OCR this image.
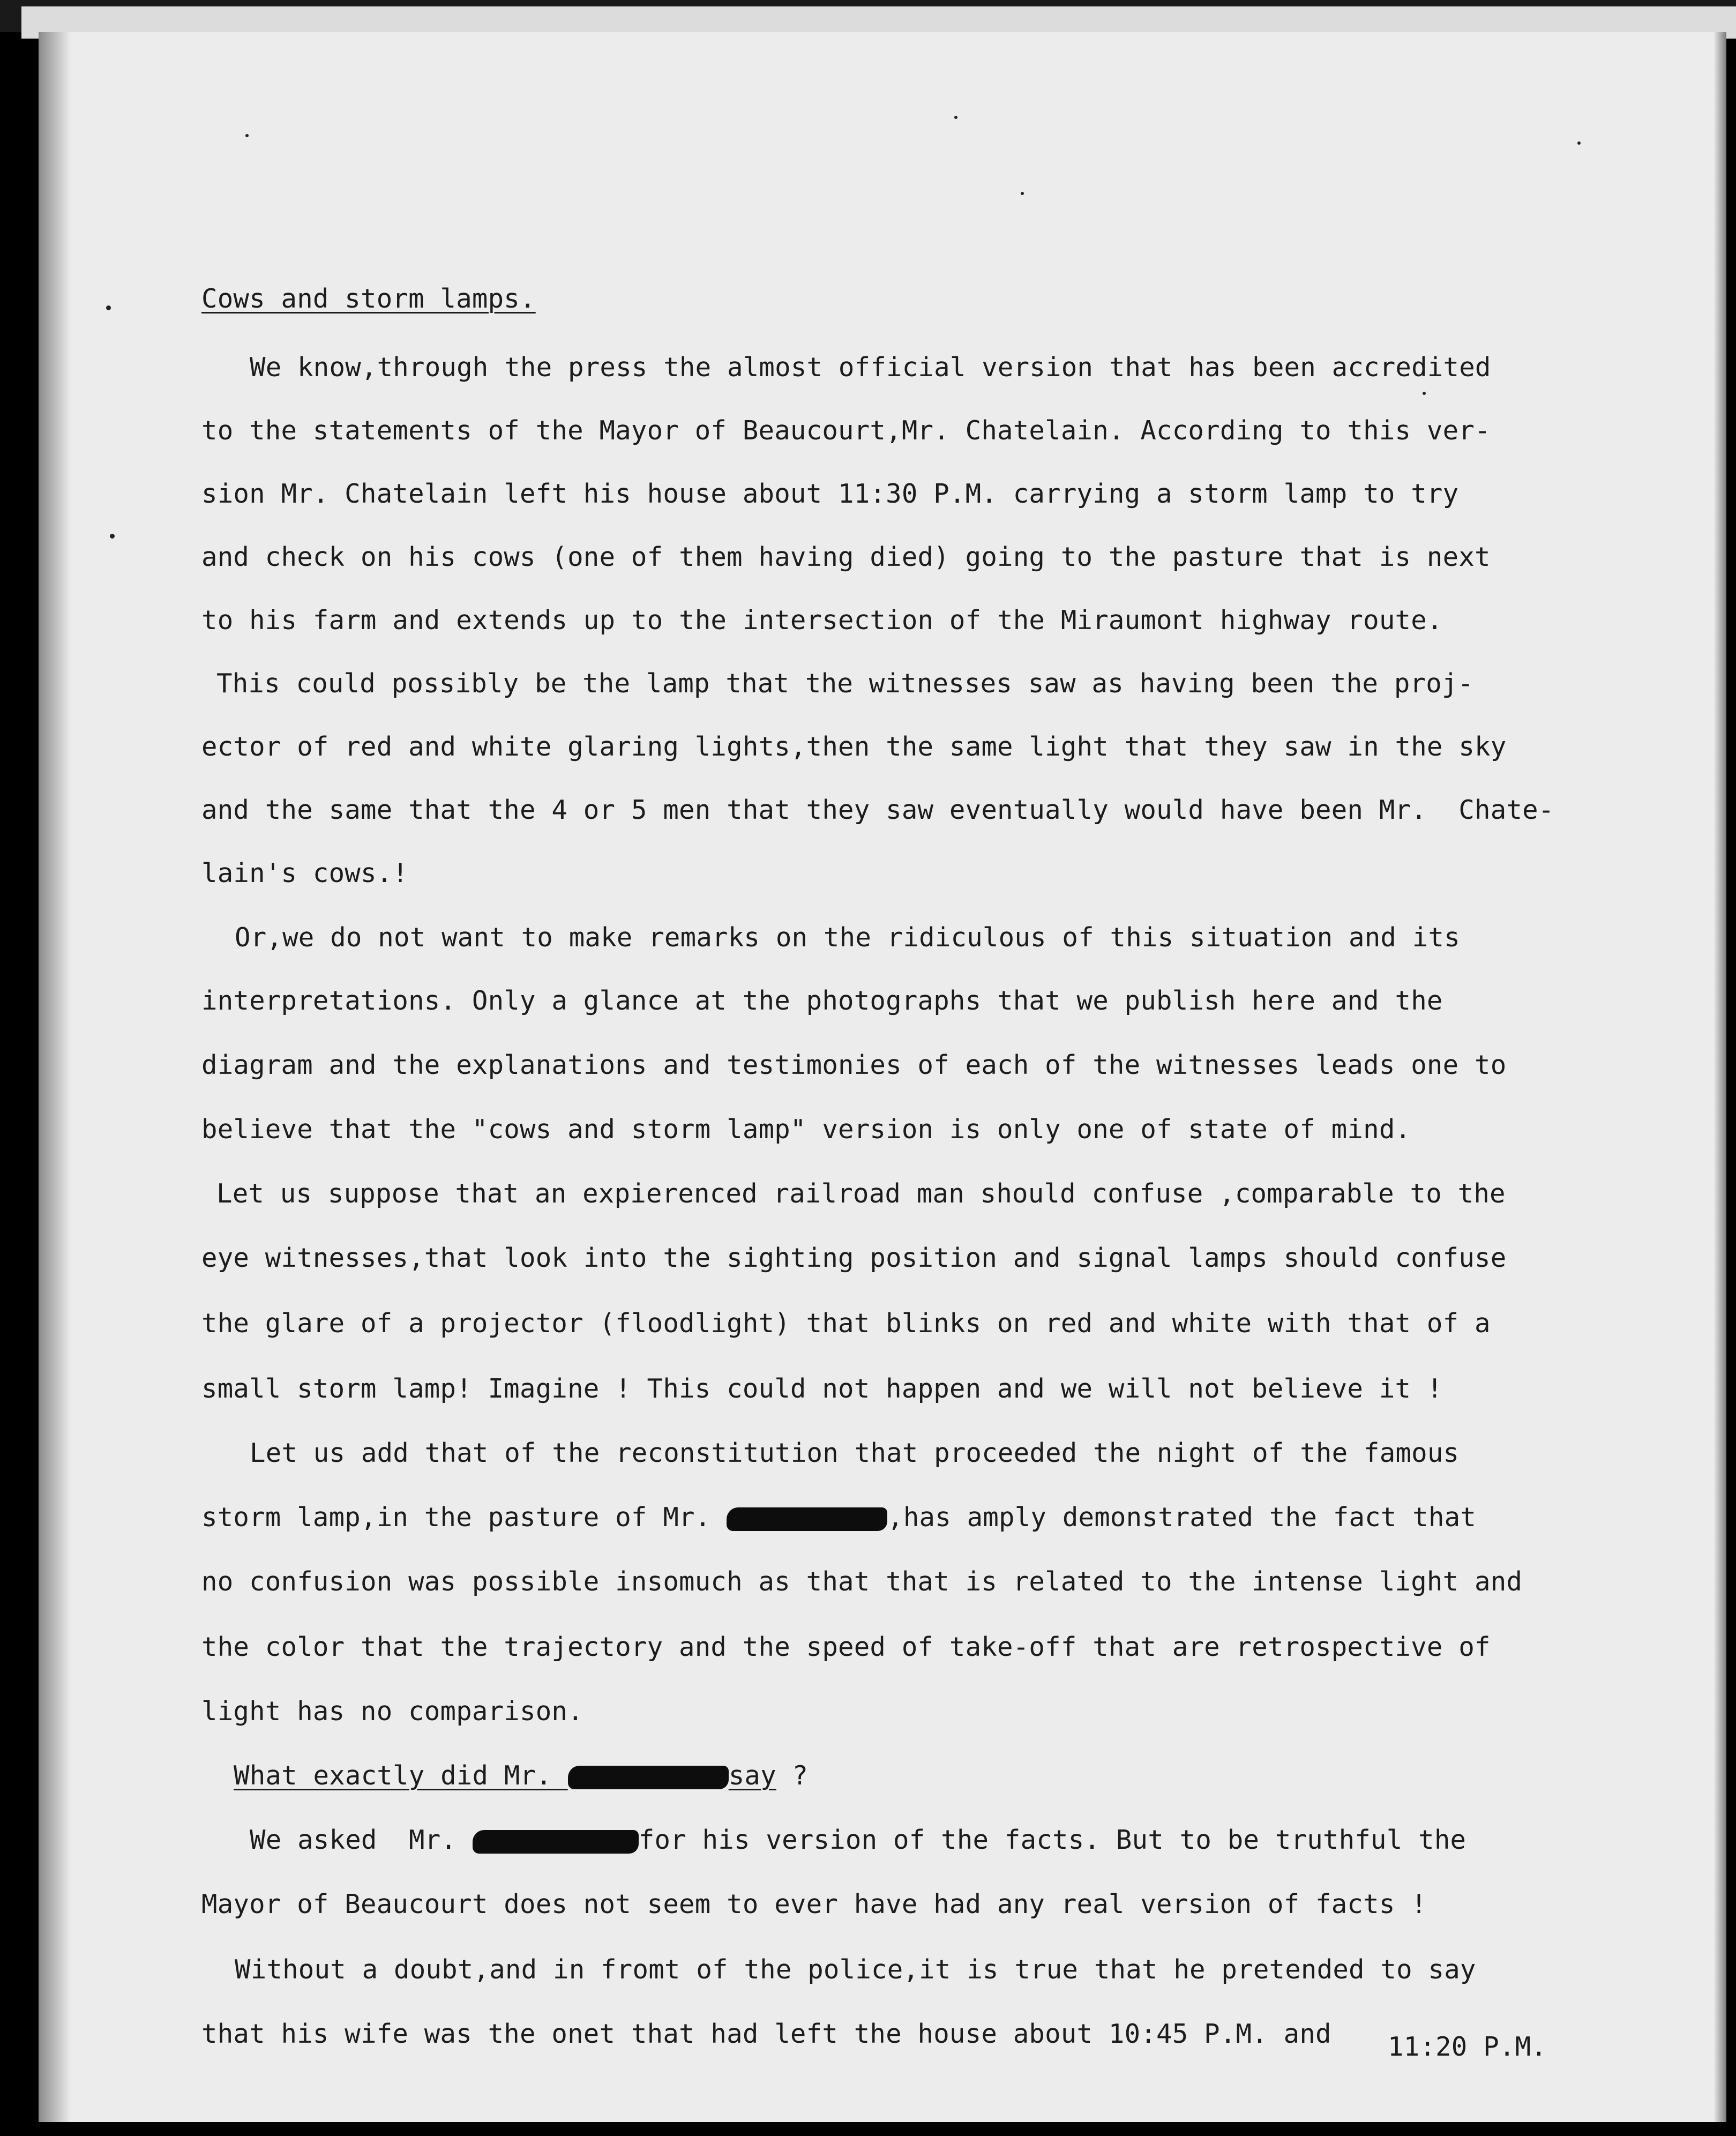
Cows and storm lamps.
We know,through the press the almost official version that has been accredited
to the statements of the Mayor of Beaucourt,Mr. Chatelain. According to this ver-
sion Mr. Chatelain left his house about 11:30 P.M. carrying a storm lamp to try
and check on his cows (one of them having died) going to the pasture that is next
to his farm and extends up to the intersection of the Miraumont highway route.
This could possibly be the lamp that the witnesses saw as having been the proj-
ector of red and white glaring lights,then the same light that they saw in the sky
and the same that the 4 or 5 men that they saw eventually would have been Mr.  Chate-
lain's cows.!
Or,we do not want to make remarks on the ridiculous of this situation and its
interpretations. Only a glance at the photographs that we publish here and the
diagram and the explanations and testimonies of each of the witnesses leads one to
believe that the "cows and storm lamp" version is only one of state of mind.
Let us suppose that an expierenced railroad man should confuse ,comparable to the
eye witnesses,that look into the sighting position and signal lamps should confuse
the glare of a projector (floodlight) that blinks on red and white with that of a
small storm lamp! Imagine ! This could not happen and we will not believe it !
Let us add that of the reconstitution that proceeded the night of the famous
storm lamp,in the pasture of Mr.	,has amply demonstrated the fact that
no confusion was possible insomuch as that that is related to the intense light and
the color that the trajectory and the speed of take-off that are retrospective of
light has no comparison.
What exactly did Mr.	say ?
We asked  Mr.	for his version of the facts. But to be truthful the
Mayor of Beaucourt does not seem to ever have had any real version of facts !
Without a doubt,and in fromt of the police,it is true that he pretended to say
that his wife was the onet that had left the house about 10:45 P.M. and 11:20 P.M.
